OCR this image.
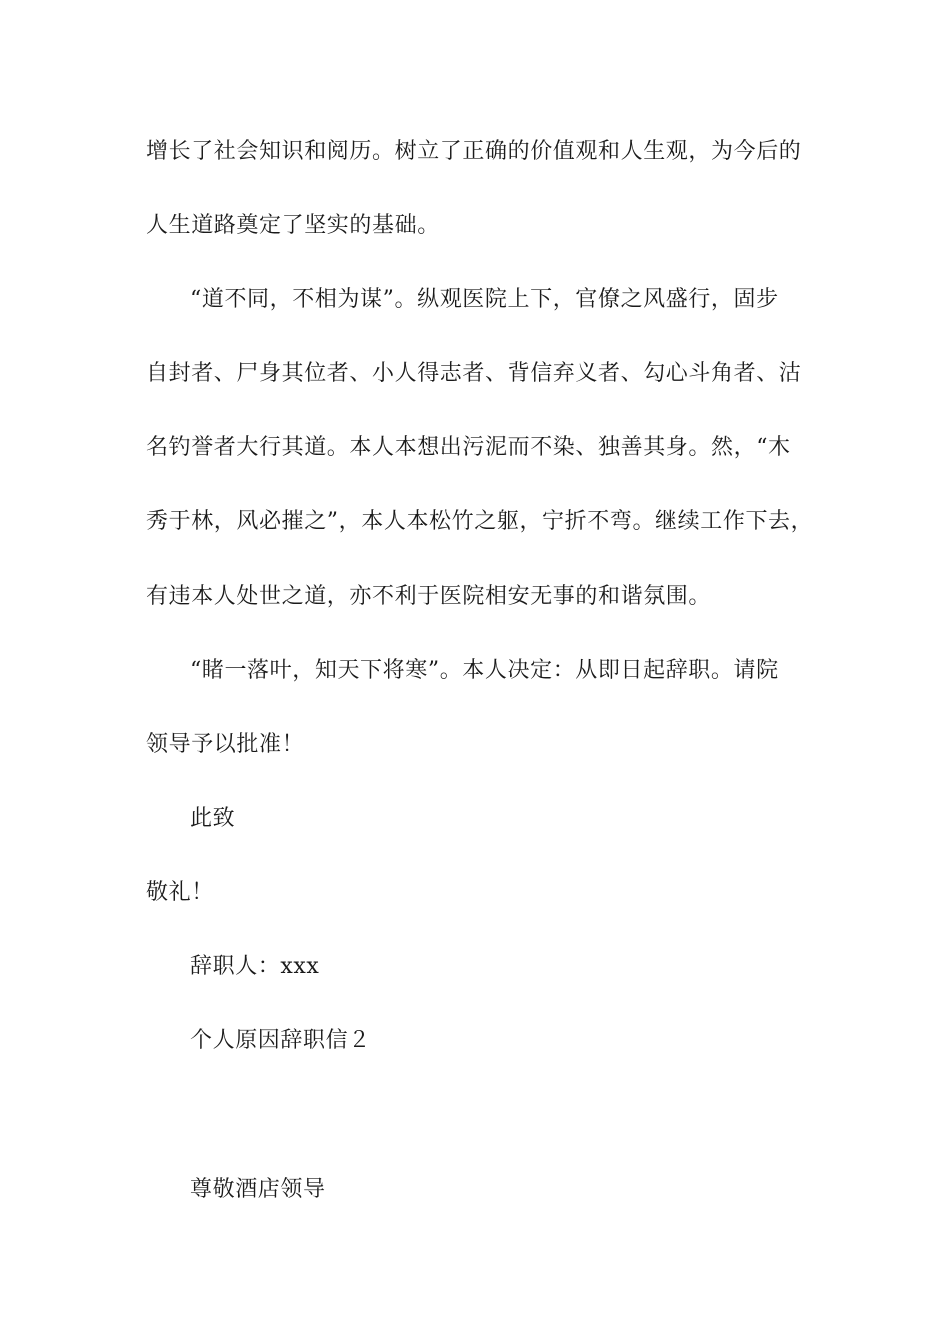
增长了社会知识和阅历。树立了正确的价值观和人生观，为今后的
人生道路奠定了坚实的基础。
“道不同，不相为谋”。纵观医院上下，官僚之风盛行，固步
自封者、尸身其位者、小人得志者、背信弃义者、勾心斗角者、沽
名钓誉者大行其道。本人本想出污泥而不染、独善其身。然，“木
秀于林，风必摧之”，本人本松竹之躯，宁折不弯。继续工作下去，
有违本人处世之道，亦不利于医院相安无事的和谐氛围。
“睹一落叶，知天下将寒”。本人决定：从即日起辞职。请院
领导予以批准！
此致
敬礼！
辞职人：xxx
个人原因辞职信２
尊敬酒店领导
